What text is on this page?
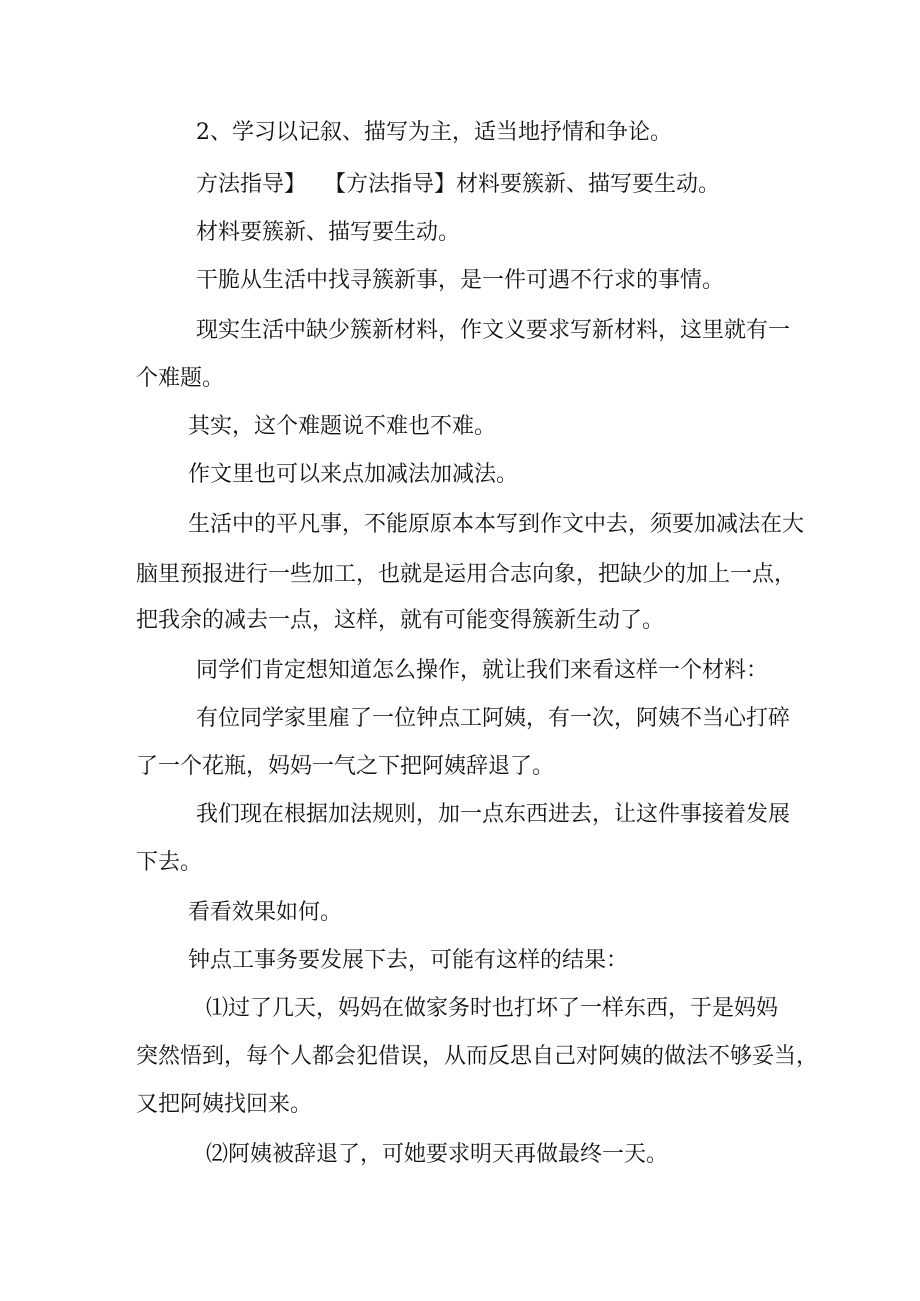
2、学习以记叙、描写为主，适当地抒情和争论。
方法指导】　 【方法指导】材料要簇新、描写要生动。
材料要簇新、描写要生动。
干脆从生活中找寻簇新事，是一件可遇不行求的事情。
现实生活中缺少簇新材料，作文义要求写新材料，这里就有一
个难题。
其实，这个难题说不难也不难。
作文里也可以来点加减法加减法。
生活中的平凡事，不能原原本本写到作文中去，须要加减法在大
脑里预报进行一些加工，也就是运用合志向象，把缺少的加上一点，
把我余的减去一点，这样，就有可能变得簇新生动了。
同学们肯定想知道怎么操作，就让我们来看这样一个材料：
有位同学家里雇了一位钟点工阿姨，有一次，阿姨不当心打碎
了一个花瓶，妈妈一气之下把阿姨辞退了。
我们现在根据加法规则，加一点东西进去，让这件事接着发展
下去。
看看效果如何。
钟点工事务要发展下去，可能有这样的结果：
⑴过了几天，妈妈在做家务时也打坏了一样东西，于是妈妈
突然悟到，每个人都会犯借误，从而反思自己对阿姨的做法不够妥当，
又把阿姨找回来。
⑵阿姨被辞退了，可她要求明天再做最终一天。
